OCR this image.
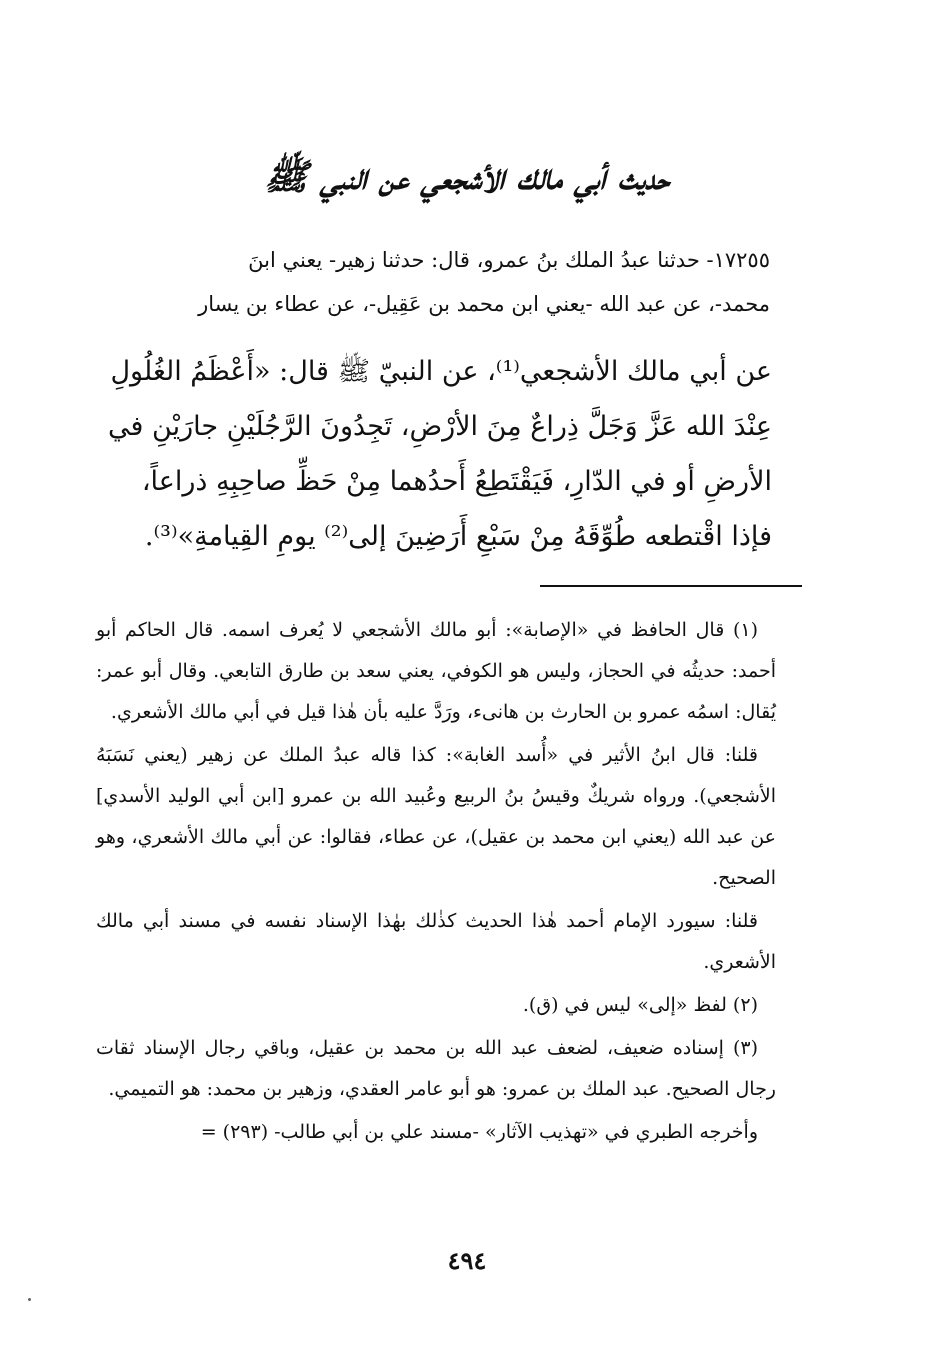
حديث أبي مالك الأشجعي عن النبي ﷺ

١٧٢٥٥- حدثنا عبدُ الملك بنُ عمرو، قال: حدثنا زهير- يعني ابنَ

محمد-، عن عبد الله -يعني ابن محمد بن عَقِيل-، عن عطاء بن يسار

عن أبي مالك الأشجعي⁽¹⁾، عن النبيّ ﷺ قال: «أَعْظَمُ الغُلُولِ

عِنْدَ الله عَزَّ وَجَلَّ ذِراعٌ مِنَ الأرْضِ، تَجِدُونَ الرَّجُلَيْنِ جارَيْنِ في

الأرضِ أو في الدّارِ، فَيَقْتَطِعُ أَحدُهما مِنْ حَظِّ صاحِبِهِ ذراعاً،

فإذا اقْتطعه طُوِّقَهُ مِنْ سَبْعِ أَرَضِينَ إلى⁽²⁾ يومِ القِيامةِ»⁽³⁾.

(١) قال الحافظ في «الإصابة»: أبو مالك الأشجعي لا يُعرف اسمه. قال الحاكم أبو أحمد: حديثُه في الحجاز، وليس هو الكوفي، يعني سعد بن طارق التابعي. وقال أبو عمر: يُقال: اسمُه عمرو بن الحارث بن هانىء، ورَدَّ عليه بأن هٰذا قيل في أبي مالك الأشعري.

قلنا: قال ابنُ الأثير في «أُسد الغابة»: كذا قاله عبدُ الملك عن زهير (يعني نَسَبَهُ الأشجعي). ورواه شريكٌ وقيسُ بنُ الربيع وعُبيد الله بن عمرو [ابن أبي الوليد الأسدي] عن عبد الله (يعني ابن محمد بن عقيل)، عن عطاء، فقالوا: عن أبي مالك الأشعري، وهو الصحيح.

قلنا: سيورد الإمام أحمد هٰذا الحديث كذٰلك بهٰذا الإسناد نفسه في مسند أبي مالك الأشعري.

(٢) لفظ «إلى» ليس في (ق).

(٣) إسناده ضعيف، لضعف عبد الله بن محمد بن عقيل، وباقي رجال الإسناد ثقات رجال الصحيح. عبد الملك بن عمرو: هو أبو عامر العقدي، وزهير بن محمد: هو التميمي.

وأخرجه الطبري في «تهذيب الآثار» -مسند علي بن أبي طالب- (٢٩٣) =

٤٩٤
